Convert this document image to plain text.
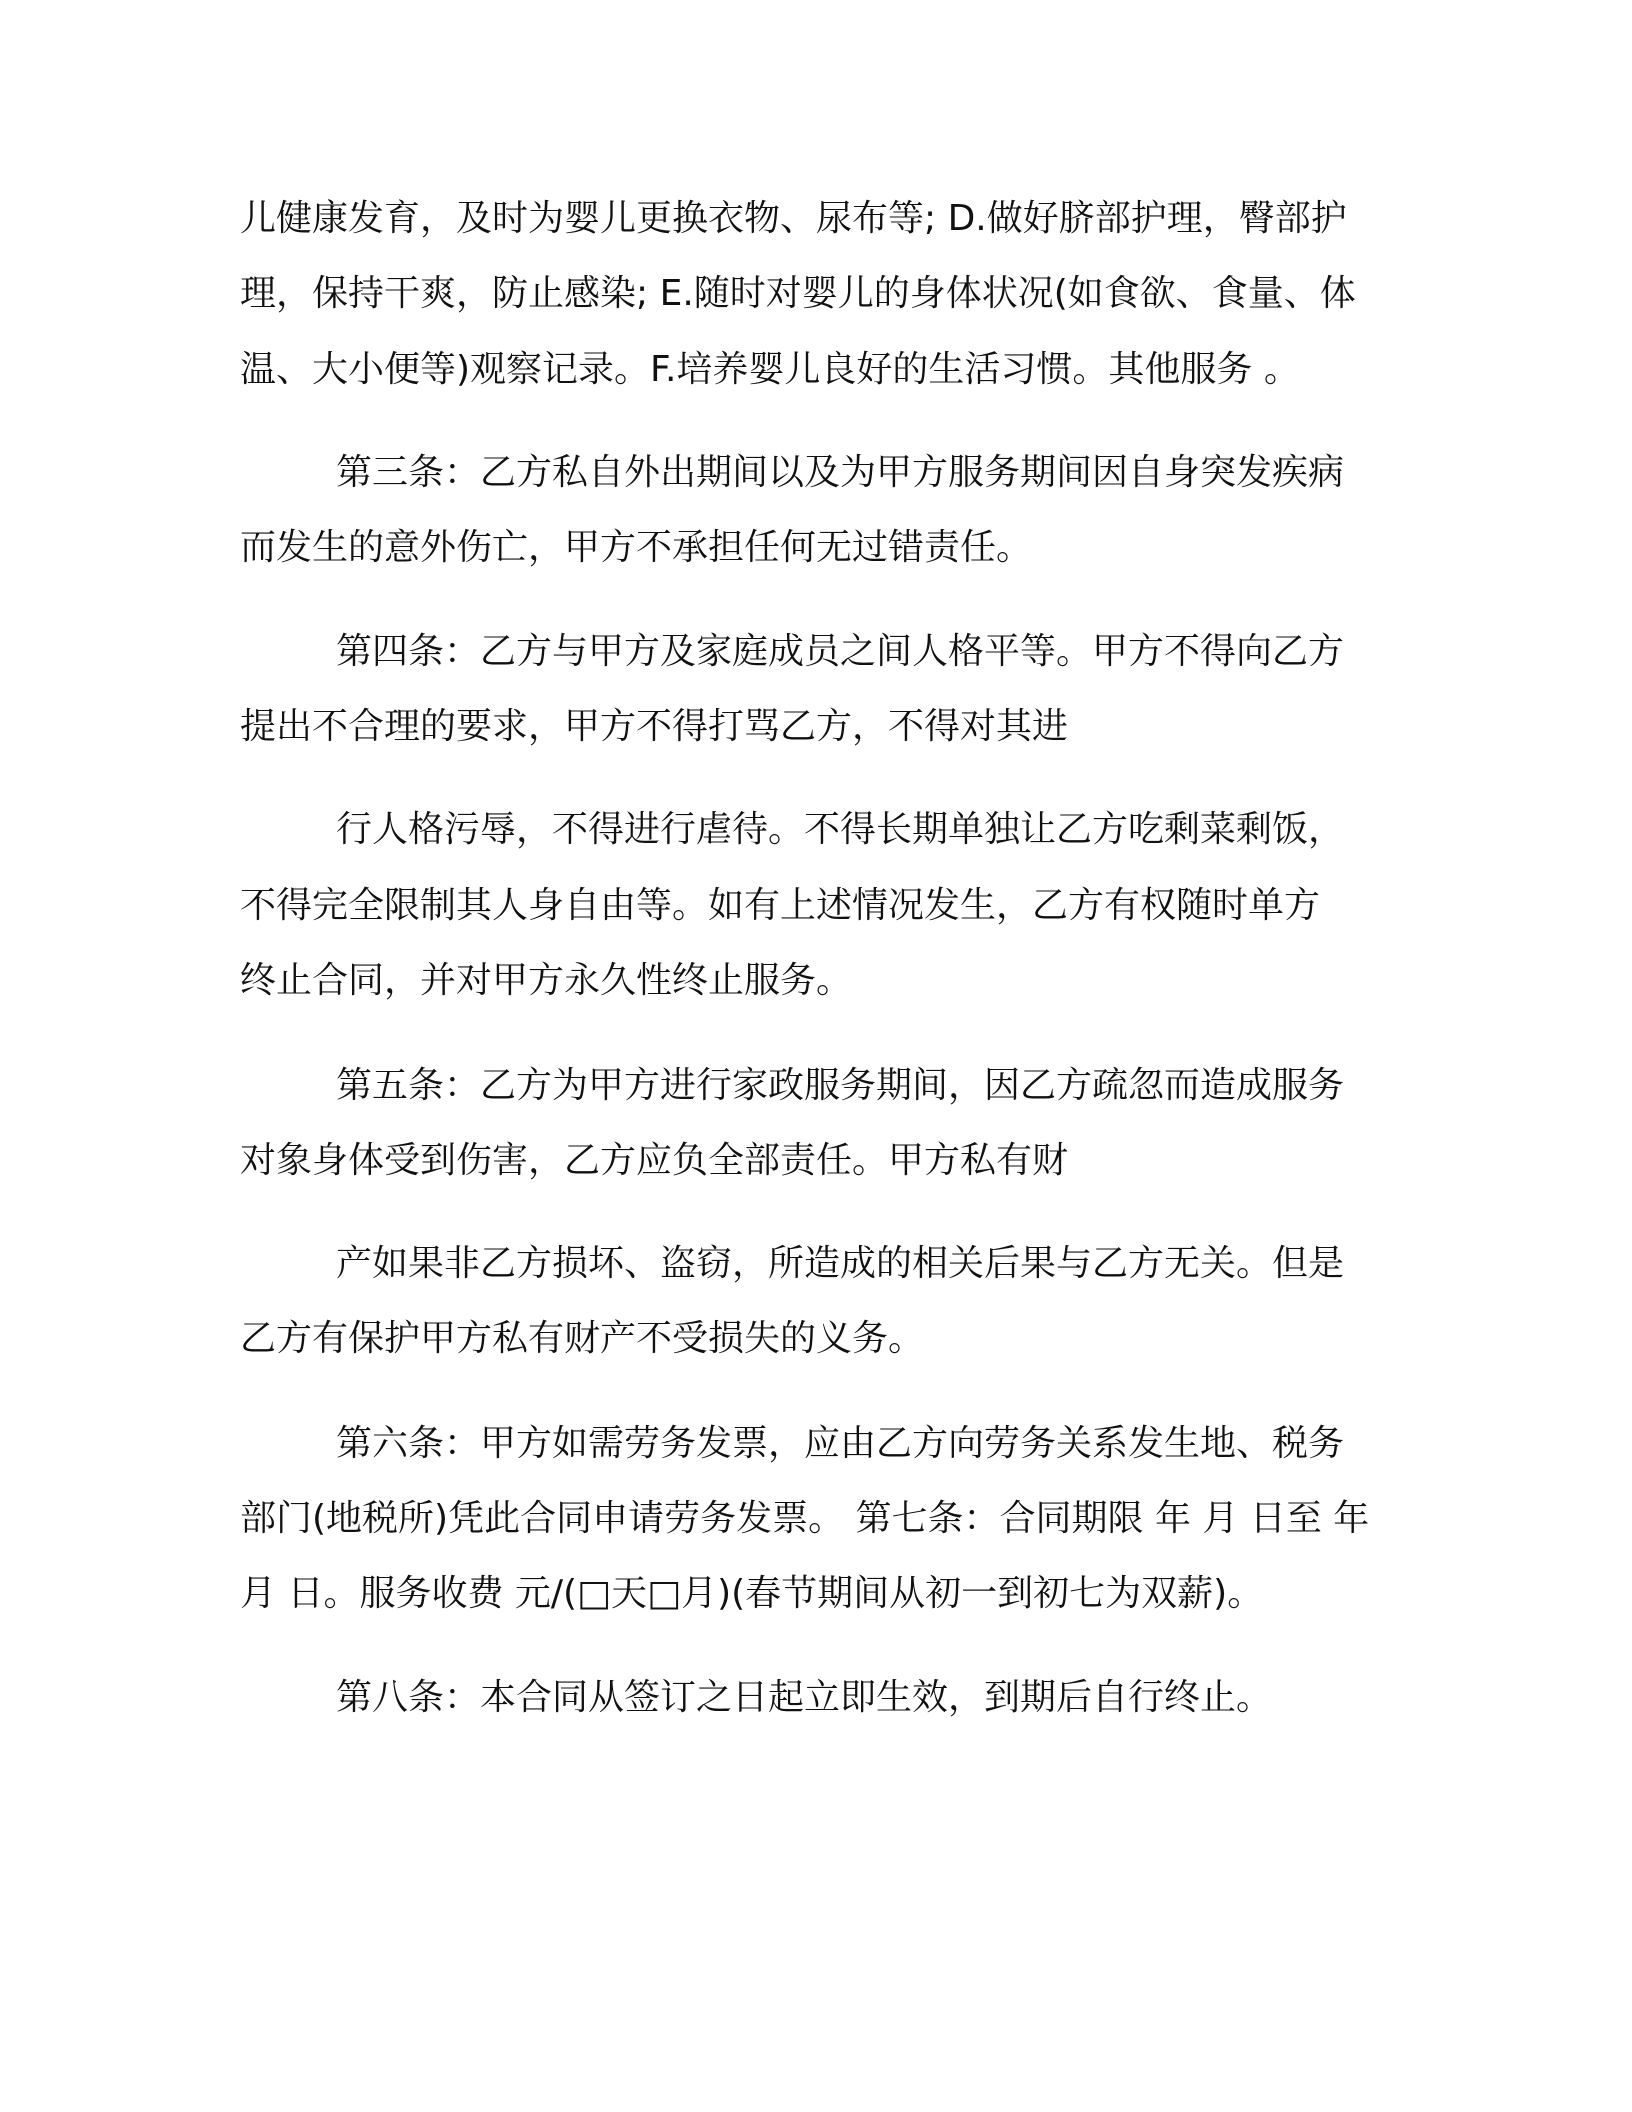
儿健康发育，及时为婴儿更换衣物、尿布等; D.做好脐部护理，臀部护
理，保持干爽，防止感染; E.随时对婴儿的身体状况(如食欲、食量、体
温、大小便等)观察记录。F.培养婴儿良好的生活习惯。其他服务 。
第三条：乙方私自外出期间以及为甲方服务期间因自身突发疾病
而发生的意外伤亡，甲方不承担任何无过错责任。
第四条：乙方与甲方及家庭成员之间人格平等。甲方不得向乙方
提出不合理的要求，甲方不得打骂乙方，不得对其进
行人格污辱，不得进行虐待。不得长期单独让乙方吃剩菜剩饭，
不得完全限制其人身自由等。如有上述情况发生，乙方有权随时单方
终止合同，并对甲方永久性终止服务。
第五条：乙方为甲方进行家政服务期间，因乙方疏忽而造成服务
对象身体受到伤害，乙方应负全部责任。甲方私有财
产如果非乙方损坏、盗窃，所造成的相关后果与乙方无关。但是
乙方有保护甲方私有财产不受损失的义务。
第六条：甲方如需劳务发票，应由乙方向劳务关系发生地、税务
部门(地税所)凭此合同申请劳务发票。 第七条：合同期限 年 月 日至 年
月 日。服务收费 元/(□天□月)(春节期间从初一到初七为双薪)。
第八条：本合同从签订之日起立即生效，到期后自行终止。
